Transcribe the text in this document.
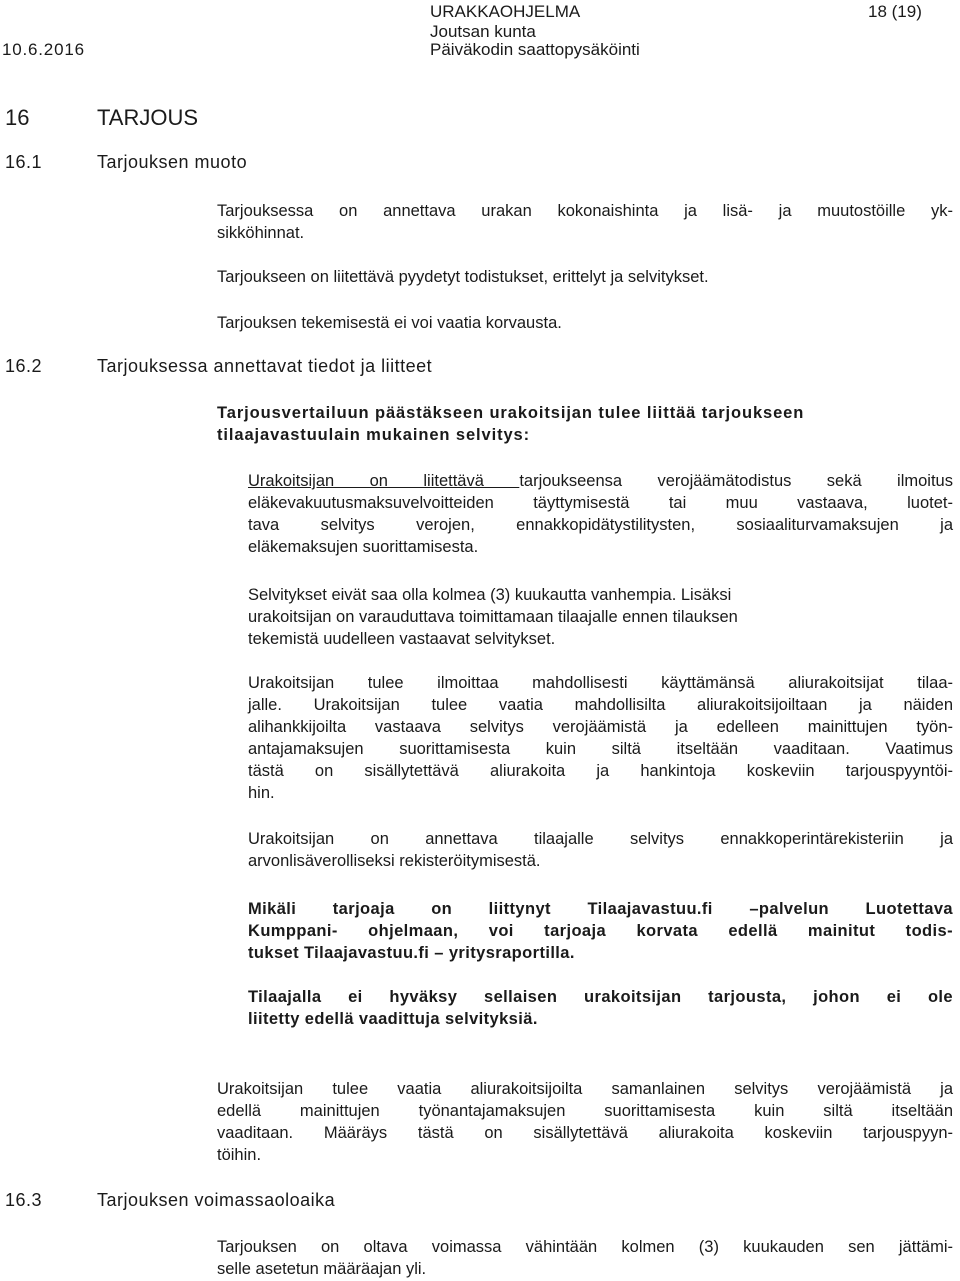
URAKKAOHJELMA	18 (19)
Joutsan kunta
10.6.2016	Päiväkodin saattopysäköinti
16	TARJOUS
16.1	Tarjouksen muoto
Tarjouksessa on annettava urakan kokonaishinta ja lisä- ja muutostöille yk-
sikköhinnat.
Tarjoukseen on liitettävä pyydetyt todistukset, erittelyt ja selvitykset.
Tarjouksen tekemisestä ei voi vaatia korvausta.
16.2	Tarjouksessa annettavat tiedot ja liitteet
Tarjousvertailuun päästäkseen urakoitsijan tulee liittää tarjoukseen
tilaajavastuulain mukainen selvitys:
Urakoitsijan on liitettävä tarjoukseensa verojäämätodistus sekä ilmoitus
eläkevakuutusmaksuvelvoitteiden täyttymisestä tai muu vastaava, luotet-
tava selvitys verojen, ennakkopidätystilitysten, sosiaaliturvamaksujen ja
eläkemaksujen suorittamisesta.
Selvitykset eivät saa olla kolmea (3) kuukautta vanhempia. Lisäksi
urakoitsijan on varauduttava toimittamaan tilaajalle ennen tilauksen
tekemistä uudelleen vastaavat selvitykset.
Urakoitsijan tulee ilmoittaa mahdollisesti käyttämänsä aliurakoitsijat tilaa-
jalle. Urakoitsijan tulee vaatia mahdollisilta aliurakoitsijoiltaan ja näiden
alihankkijoilta vastaava selvitys verojäämistä ja edelleen mainittujen työn-
antajamaksujen suorittamisesta kuin siltä itseltään vaaditaan. Vaatimus
tästä on sisällytettävä aliurakoita ja hankintoja koskeviin tarjouspyyntöi-
hin.
Urakoitsijan on annettava tilaajalle selvitys ennakkoperintärekisteriin ja
arvonlisäverolliseksi rekisteröitymisestä.
Mikäli tarjoaja on liittynyt Tilaajavastuu.fi –palvelun Luotettava
Kumppani- ohjelmaan, voi tarjoaja korvata edellä mainitut todis-
tukset Tilaajavastuu.fi – yritysraportilla.
Tilaajalla ei hyväksy sellaisen urakoitsijan tarjousta, johon ei ole
liitetty edellä vaadittuja selvityksiä.
Urakoitsijan tulee vaatia aliurakoitsijoilta samanlainen selvitys verojäämistä ja
edellä mainittujen työnantajamaksujen suorittamisesta kuin siltä itseltään
vaaditaan. Määräys tästä on sisällytettävä aliurakoita koskeviin tarjouspyyn-
töihin.
16.3	Tarjouksen voimassaoloaika
Tarjouksen on oltava voimassa vähintään kolmen (3) kuukauden sen jättämi-
selle asetetun määräajan yli.
